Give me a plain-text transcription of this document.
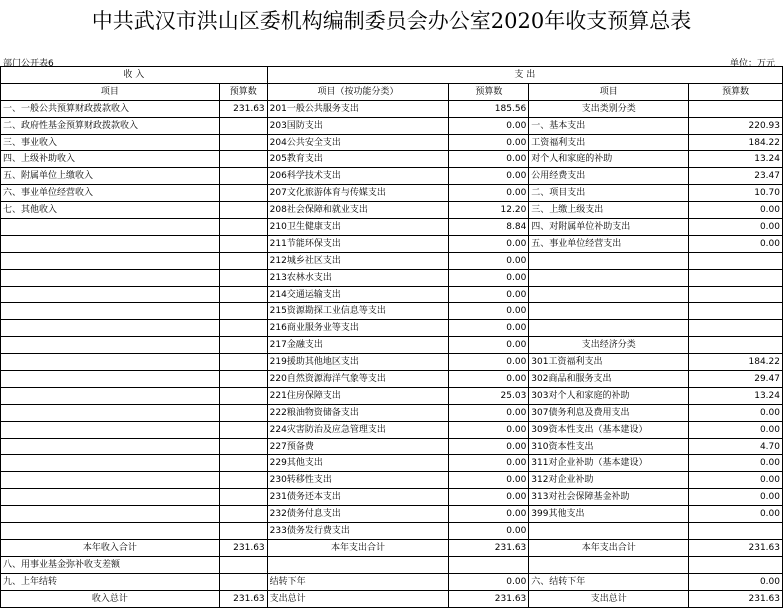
中共武汉市洪山区委机构编制委员会办公室2020年收支预算总表
部门公开表6	单位：万元
收 入		支 出			
项目	预算数	项目（按功能分类）	预算数	项目	预算数
一、一般公共预算财政拨款收入	231.63	201一般公共服务支出	185.56	支出类别分类	
二、政府性基金预算财政拨款收入		203国防支出	0.00	一、基本支出	220.93
三、事业收入		204公共安全支出	0.00	工资福利支出	184.22
四、上级补助收入		205教育支出	0.00	对个人和家庭的补助	13.24
五、附属单位上缴收入		206科学技术支出	0.00	公用经费支出	23.47
六、事业单位经营收入		207文化旅游体育与传媒支出	0.00	二、项目支出	10.70
七、其他收入		208社会保障和就业支出	12.20	三、上缴上级支出	0.00
		210卫生健康支出	8.84	四、对附属单位补助支出	0.00
		211节能环保支出	0.00	五、事业单位经营支出	0.00
		212城乡社区支出	0.00		
		213农林水支出	0.00		
		214交通运输支出	0.00		
		215资源勘探工业信息等支出	0.00		
		216商业服务业等支出	0.00		
		217金融支出	0.00	支出经济分类	
		219援助其他地区支出	0.00	301工资福利支出	184.22
		220自然资源海洋气象等支出	0.00	302商品和服务支出	29.47
		221住房保障支出	25.03	303对个人和家庭的补助	13.24
		222粮油物资储备支出	0.00	307债务利息及费用支出	0.00
		224灾害防治及应急管理支出	0.00	309资本性支出（基本建设）	0.00
		227预备费	0.00	310资本性支出	4.70
		229其他支出	0.00	311对企业补助（基本建设）	0.00
		230转移性支出	0.00	312对企业补助	0.00
		231债务还本支出	0.00	313对社会保障基金补助	0.00
		232债务付息支出	0.00	399其他支出	0.00
		233债务发行费支出	0.00		
本年收入合计	231.63	本年支出合计	231.63	本年支出合计	231.63
八、用事业基金弥补收支差额					
九、上年结转		结转下年	0.00	六、结转下年	0.00
收入总计	231.63	支出总计	231.63	支出总计	231.63
